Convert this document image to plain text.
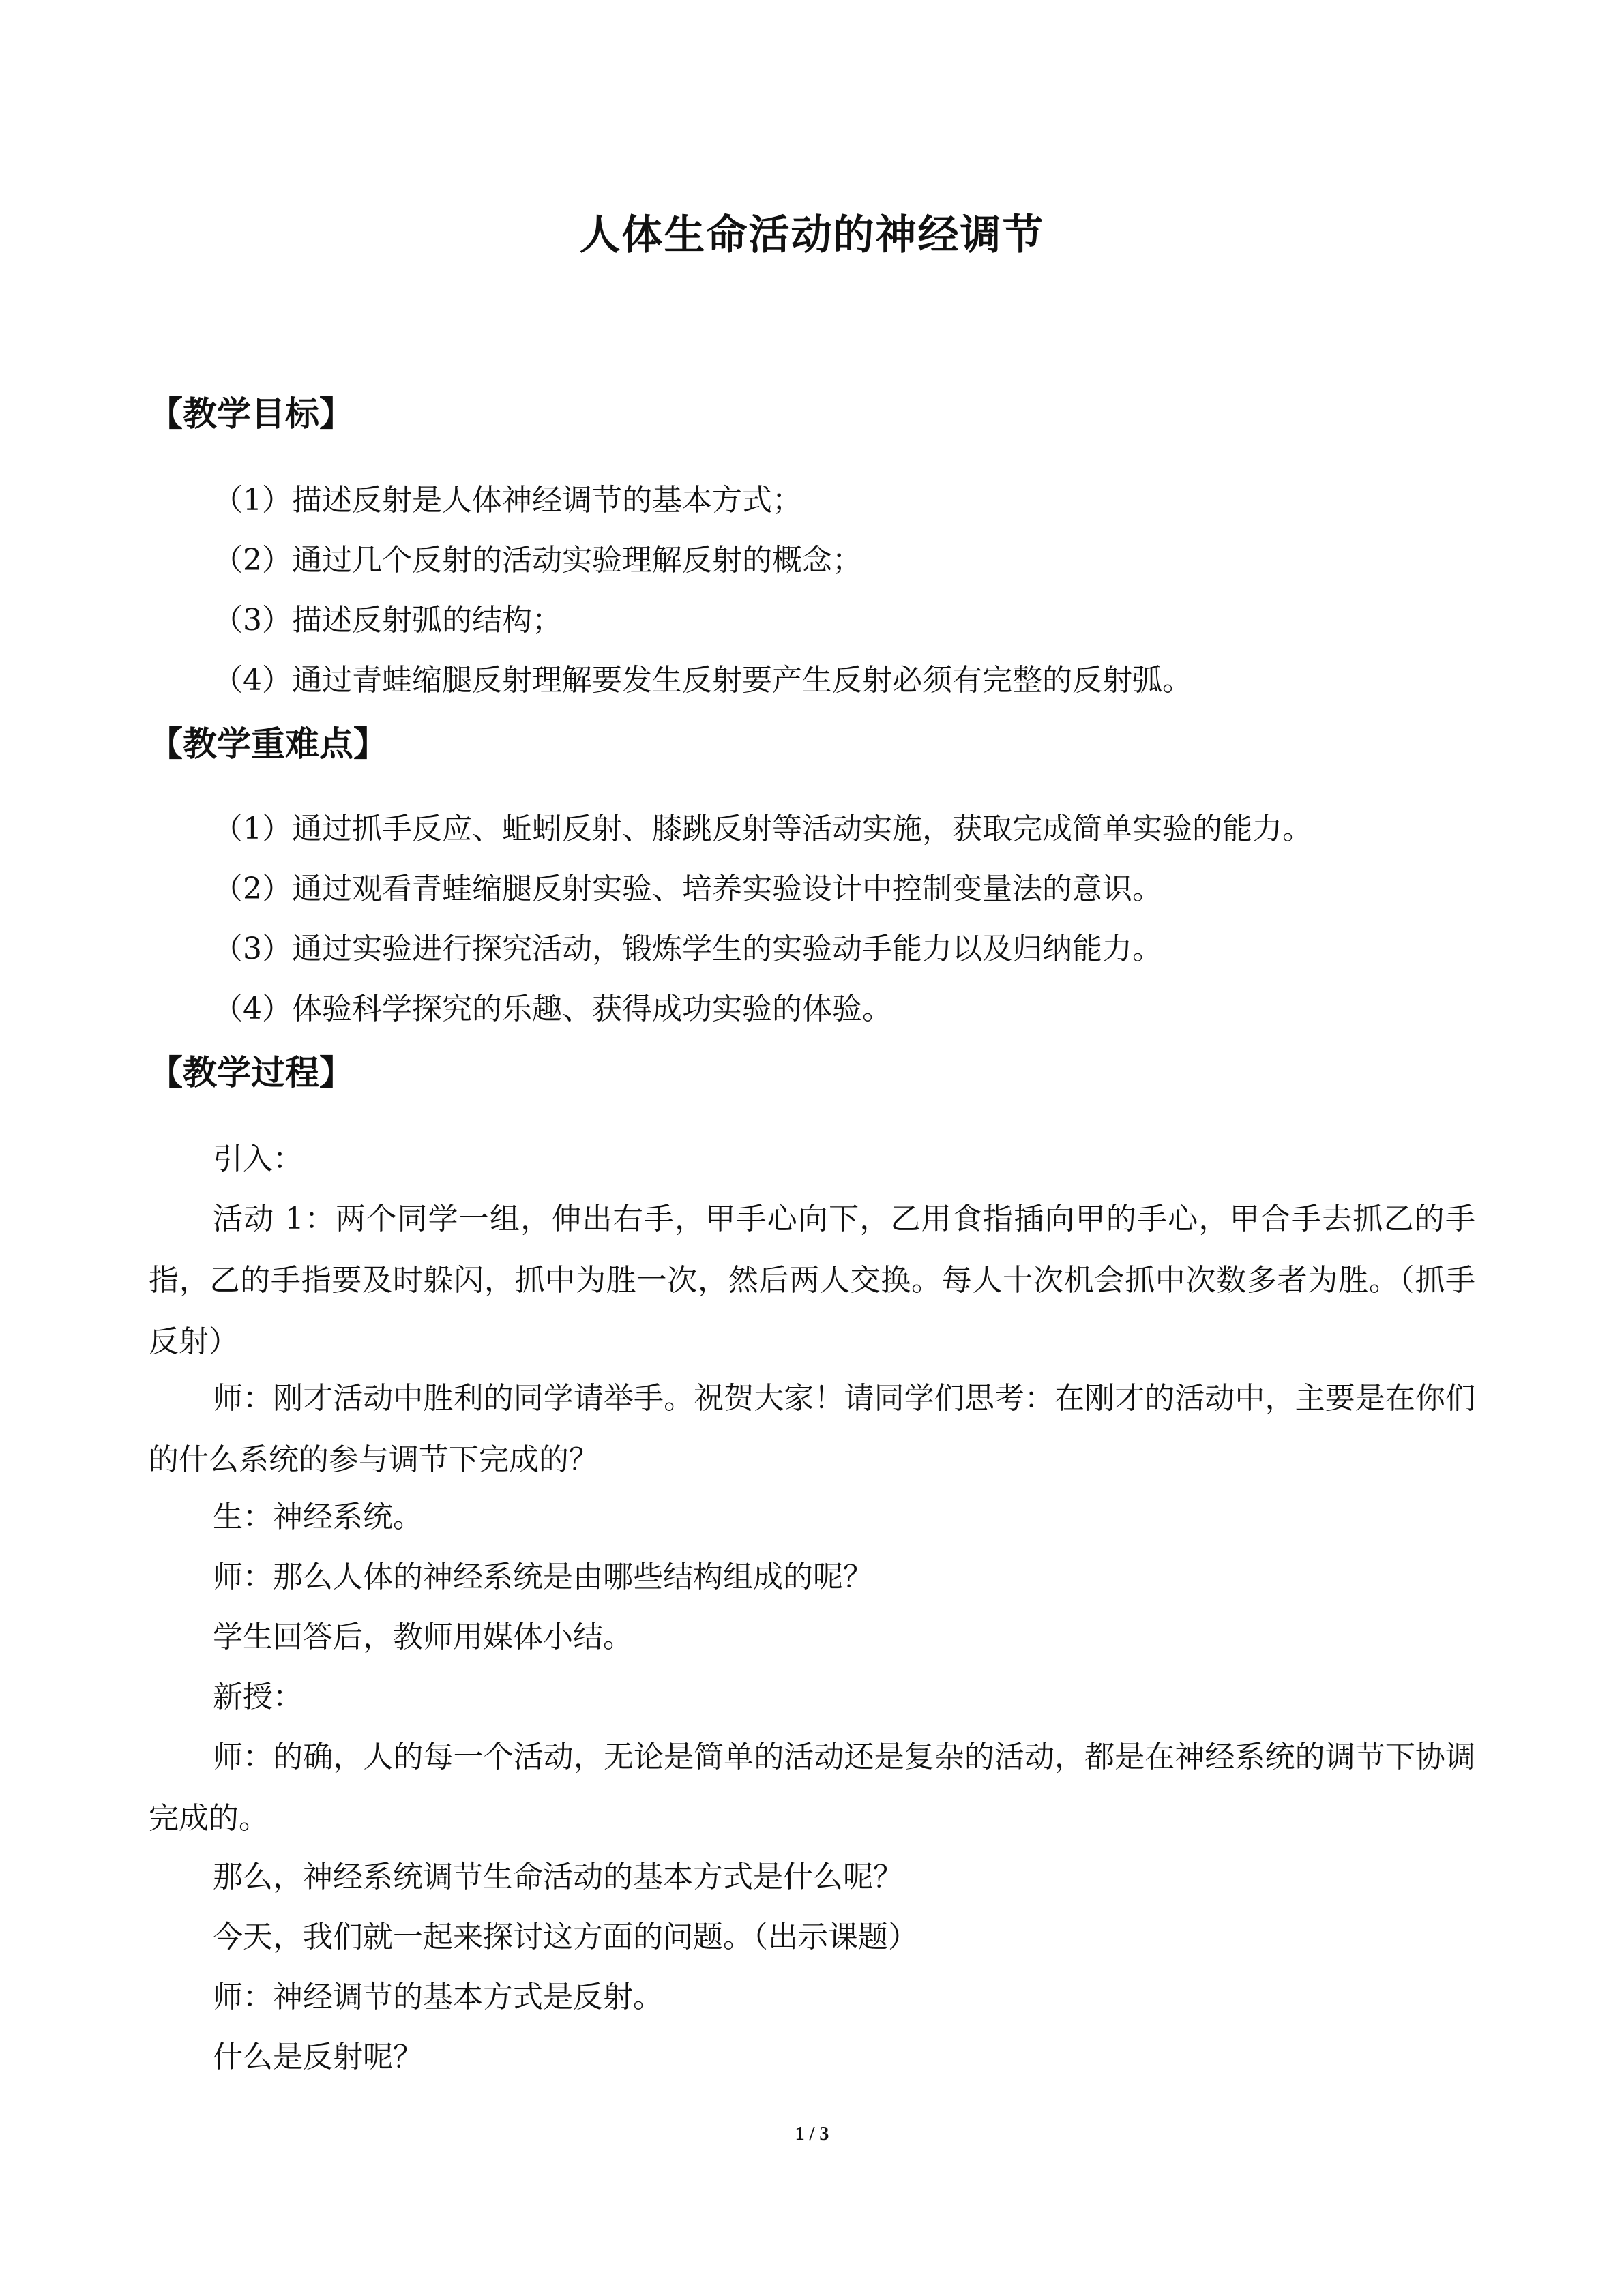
人体生命活动的神经调节
【教学目标】
（1）描述反射是人体神经调节的基本方式；
（2）通过几个反射的活动实验理解反射的概念；
（3）描述反射弧的结构；
（4）通过青蛙缩腿反射理解要发生反射要产生反射必须有完整的反射弧。
【教学重难点】
（1）通过抓手反应、蚯蚓反射、膝跳反射等活动实施，获取完成简单实验的能力。
（2）通过观看青蛙缩腿反射实验、培养实验设计中控制变量法的意识。
（3）通过实验进行探究活动，锻炼学生的实验动手能力以及归纳能力。
（4）体验科学探究的乐趣、获得成功实验的体验。
【教学过程】
引入：
活动 1：两个同学一组，伸出右手，甲手心向下，乙用食指插向甲的手心，甲合手去抓乙的手指，乙的手指要及时躲闪，抓中为胜一次，然后两人交换。每人十次机会抓中次数多者为胜。（抓手反射）
师：刚才活动中胜利的同学请举手。祝贺大家！请同学们思考：在刚才的活动中，主要是在你们的什么系统的参与调节下完成的？
生：神经系统。
师：那么人体的神经系统是由哪些结构组成的呢？
学生回答后，教师用媒体小结。
新授：
师：的确，人的每一个活动，无论是简单的活动还是复杂的活动，都是在神经系统的调节下协调完成的。
那么，神经系统调节生命活动的基本方式是什么呢？
今天，我们就一起来探讨这方面的问题。（出示课题）
师：神经调节的基本方式是反射。
什么是反射呢？
1 / 3
